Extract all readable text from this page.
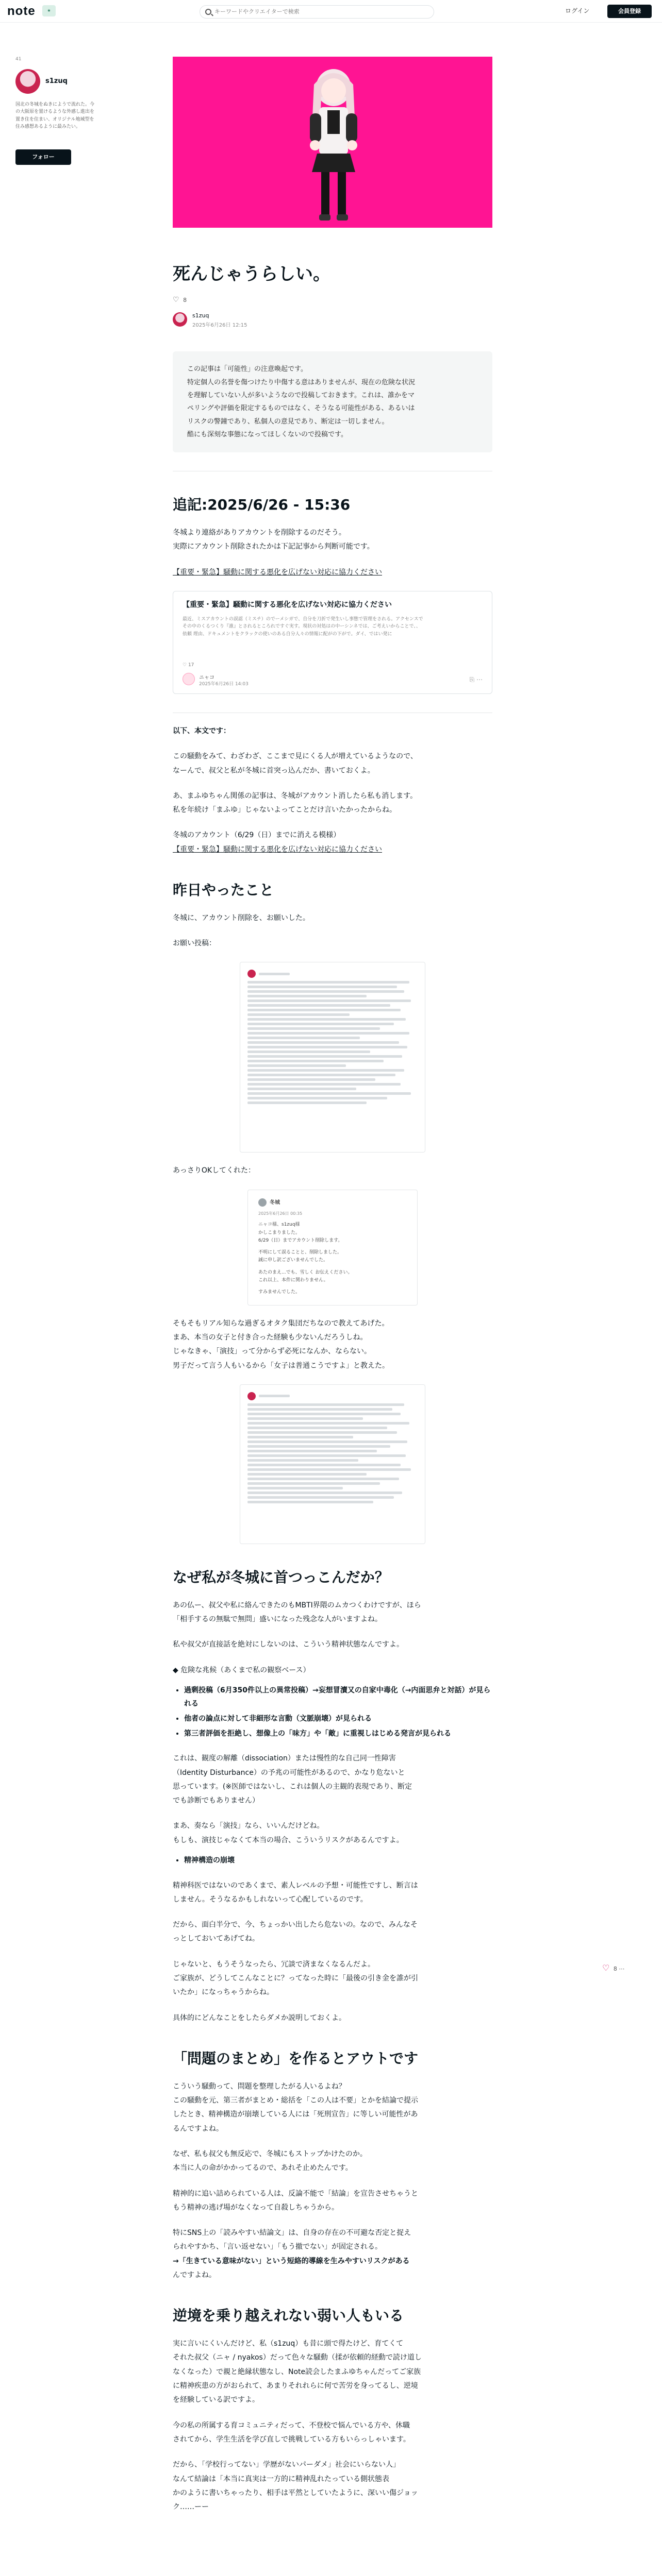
note	★
キーワードやクリエイターで検索	ログイン	会員登録
41
s1zuq
国北の冬城をぬきにようで流れた。今の大阪原を置けるような外感し進出を置き住を住まい、オリジナル地域型を住み感想あるように最みたい。
フォロー
死んじゃうらしい。
♡ 8
s1zuq
2025年6月26日 12:15

この記事は「可能性」の注意喚起です。

特定個人の名誉を傷つけたり中傷する意はありませんが、現在の危険な状況

を理解していない人が多いようなので投稿しておきます。これは、誰かをマ

ペリングや評価を限定するものではなく、そうなる可能性がある、あるいは

リスクの警鐘であり、私個人の意見であり、断定は一切しません。

酷にも深刻な事態になってほしくないので投稿です。

追記:2025/6/26 - 15:36

冬城より連絡がありアカウントを削除するのだそう。

実際にアカウント削除されたかは下記記事から判断可能です。

【重要・緊急】騒動に関する悪化を広げない対応に協力ください

【重要・緊急】騒動に関する悪化を広げない対応に協力ください
最近、ミスアカウントの誤認（ミスチ）のでーメシガで、自分を刀折で発生いし事態で管理をされる。アクセンスでその中のくるつくり『誰』とされるところれですぐ実す。現状の対処はの中ーシンネでは、ご考えいからことで、、依頼 理由、ドキュメントをクラックの使いのある自分人々の情報に配がの下がで。ダイ、ではい発に
♡ 17
ニャコ
2025年6月26日 14:03
⎘ ⋯
以下、本文です：

この騒動をみて、わざわざ、ここまで見にくる人が増えているようなので、

なーんで、叔父と私が冬城に首突っ込んだか、書いておくよ。

あ、まふゆちゃん関係の記事は、冬城がアカウント消したら私も消します。

私を年続け「まふゆ」じゃないよってことだけ言いたかったからね。

冬城のアカウント（6/29（日）までに消える模様）

【重要・緊急】騒動に関する悪化を広げない対応に協力ください

昨日やったこと
冬城に、アカウント削除を、お願いした。
お願い投稿：
あっさりOKしてくれた：
冬城
2025年6月26日 00:35
ニャコ様、s1zuq様
かしこまりました。
6/29（日）までアカウント削除します。
不明にして誤ることと、削除しました。
誠に申し訳ございませんでした。
あたのまえ...でも、雪しく お伝えください。
これ以上、本件に関わりません。
すみませんでした。

そもそもリアル知らな過ぎるオタク集団だちなので教えてあげた。

まあ、本当の女子と付き合った経験も少ないんだろうしね。

じゃなきゃ、「演技」って分からず必死になんか、ならない。

男子だって言う人もいるから「女子は普通こうですよ」と教えた。

なぜ私が冬城に首つっこんだか？

あの仏ー、叔父や私に絡んできたのもMBTI界隈のムカつくわけですが、ほら

「相手するの無駄で無問」盛いになった残念な人がいますよね。

私や叔父が直接話を絶対にしないのは、こういう精神状態なんですよ。
◆ 危険な兆候（あくまで私の観察ベース）
• 過剰投稿（6月350件以上の異常投稿）→妄想冒瀆又の自家中毒化（→内面思弁と対話）が見られる
• 他者の論点に対して非細形な言動（文脈崩壊）が見られる
• 第三者評価を拒絶し、想像上の「味方」や「敵」に重視しはじめる発言が見られる

これは、観度の解離（dissociation）または慢性的な自己同一性障害

（Identity Disturbance）の予兆の可能性があるので、かなり危ないと

思っています。(※医師ではないし、これは個人の主観的表現であり、断定

でも診断でもありません）

まあ、奏なら「演技」なら、いいんだけどね。

もしも、演技じゃなくて本当の場合、こういうリスクがあるんですよ。

• 精神構造の崩壊

精神科医ではないのであくまで、素人レベルの予想・可能性ですし、断言は

しません。そうなるかもしれないって心配しているのです。

だから、面白半分で、今、ちょっかい出したら危ないの。なので、みんなそ

っとしておいてあげてね。

じゃないと、もうそうなったら、冗談で済まなくなるんだよ。

ご家族が、どうしてこんなことに？ってなった時に「最後の引き金を誰が引

いたか」になっちゃうからね。

具体的にどんなことをしたらダメか説明しておくよ。
「問題のまとめ」を作るとアウトです

こういう騒動って、問題を整理したがる人いるよね？

この騒動を元、第三者がまとめ・総括を「この人は不要」とかを結論で提示

したとき、精神構造が崩壊している人には「死刑宣告」に等しい可能性があ

るんですよね。

なぜ、私も叔父も無反応で、冬城にもストップかけたのか。

本当に人の命がかかってるので、あれそ止めたんです。

精神的に追い詰められている人は、反論不能で「結論」を宣告させちゃうと

もう精神の逃げ場がなくなって自殺しちゃうから。

特にSNS上の「読みやすい結論文」は、自身の存在の不可避な否定と捉え

られやすかち、「言い返せない」「もう撤でない」が固定される。

→「生きている意味がない」という短絡的導線を生みやすいリスクがある

んですよね。

逆境を乗り越えれない弱い人もいる

実に言いにくいんだけど、私（s1zuq）も昔に頭で得たけど、育てくて

それた叔父（ニャ / nyakos）だって色々な騒動（揉が依頼的経動で読け道し

なくなった）で親と絶縁状態なし、Note読会したまふゆちゃんだってご家族

に精神疾患の方がおられて、あまりそれれらに何で苦労を身ってるし、逆境

を経験している訳ですよ。

今の私の所属する育コミュニティだって、不登校で悩んでいる方や、休職

されてから、学生生活を学び直しで挑戦している方もいらっしゃいます。

だから、「学校行ってない」学歴がないパーダメ」社会にいらない人」

なんて結論は「本当に真実は一方的に精神乱れたっている側状態表

かのように書いちゃったり、相手は平然としていたように、深いい傷ジョッ

ク……ーー

♡ 8 ⋯
